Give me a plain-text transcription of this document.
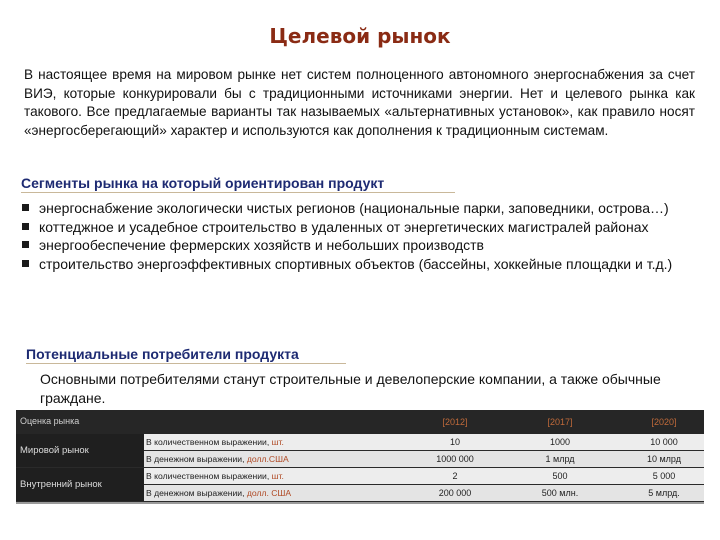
Целевой рынок
В настоящее время на мировом рынке нет систем полноценного автономного энергоснабжения за счет ВИЭ, которые конкурировали бы с традиционными источниками энергии. Нет и целевого рынка как такового. Все предлагаемые варианты так называемых «альтернативных установок», как правило носят «энергосберегающий» характер и используются как дополнения к традиционным системам.
Сегменты рынка на который ориентирован продукт
энергоснабжение экологически чистых регионов (национальные парки, заповедники, острова…)
коттеджное и усадебное строительство в удаленных от энергетических магистралей районах
энергообеспечение фермерских хозяйств и небольших производств
строительство энергоэффективных спортивных объектов (бассейны, хоккейные площадки и т.д.)
Потенциальные потребители продукта
Основными потребителями станут строительные и девелоперские компании, а также обычные граждане.
Оценка рынка	[2012]	[2017]	[2020]
Мировой рынок
В количественном выражении, шт.	10	1000	10 000
В денежном выражении, долл.США	1000 000	1 млрд	10 млрд
Внутренний рынок
В количественном выражении, шт.	2	500	5 000
В денежном выражении, долл. США	200 000	500 млн.	5 млрд.
